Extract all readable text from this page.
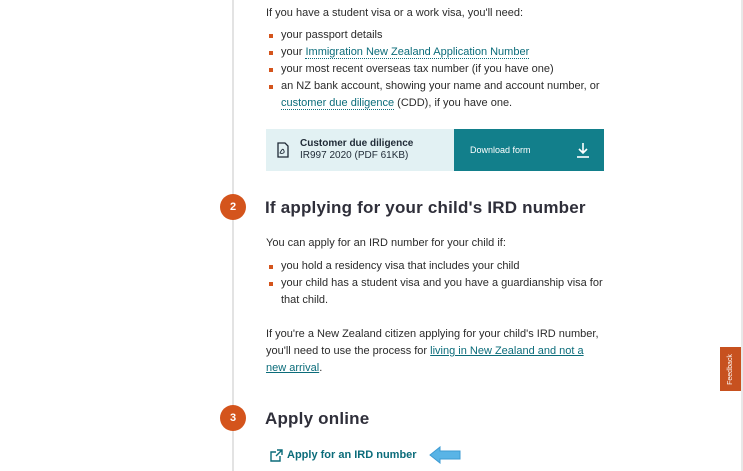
If you have a student visa or a work visa, you'll need:

your passport details
your Immigration New Zealand Application Number
your most recent overseas tax number (if you have one)
an NZ bank account, showing your name and account number, or
customer due diligence (CDD), if you have one.
Customer due diligence
IR997 2020 (PDF 61KB)	Download form
2	If applying for your child's IRD number

You can apply for an IRD number for your child if:

you hold a residency visa that includes your child
your child has a student visa and you have a guardianship visa for
that child.

If you're a New Zealand citizen applying for your child's IRD number,
you'll need to use the process for living in New Zealand and not a
new arrival.

3	Apply online
Apply for an IRD number
Feedback
